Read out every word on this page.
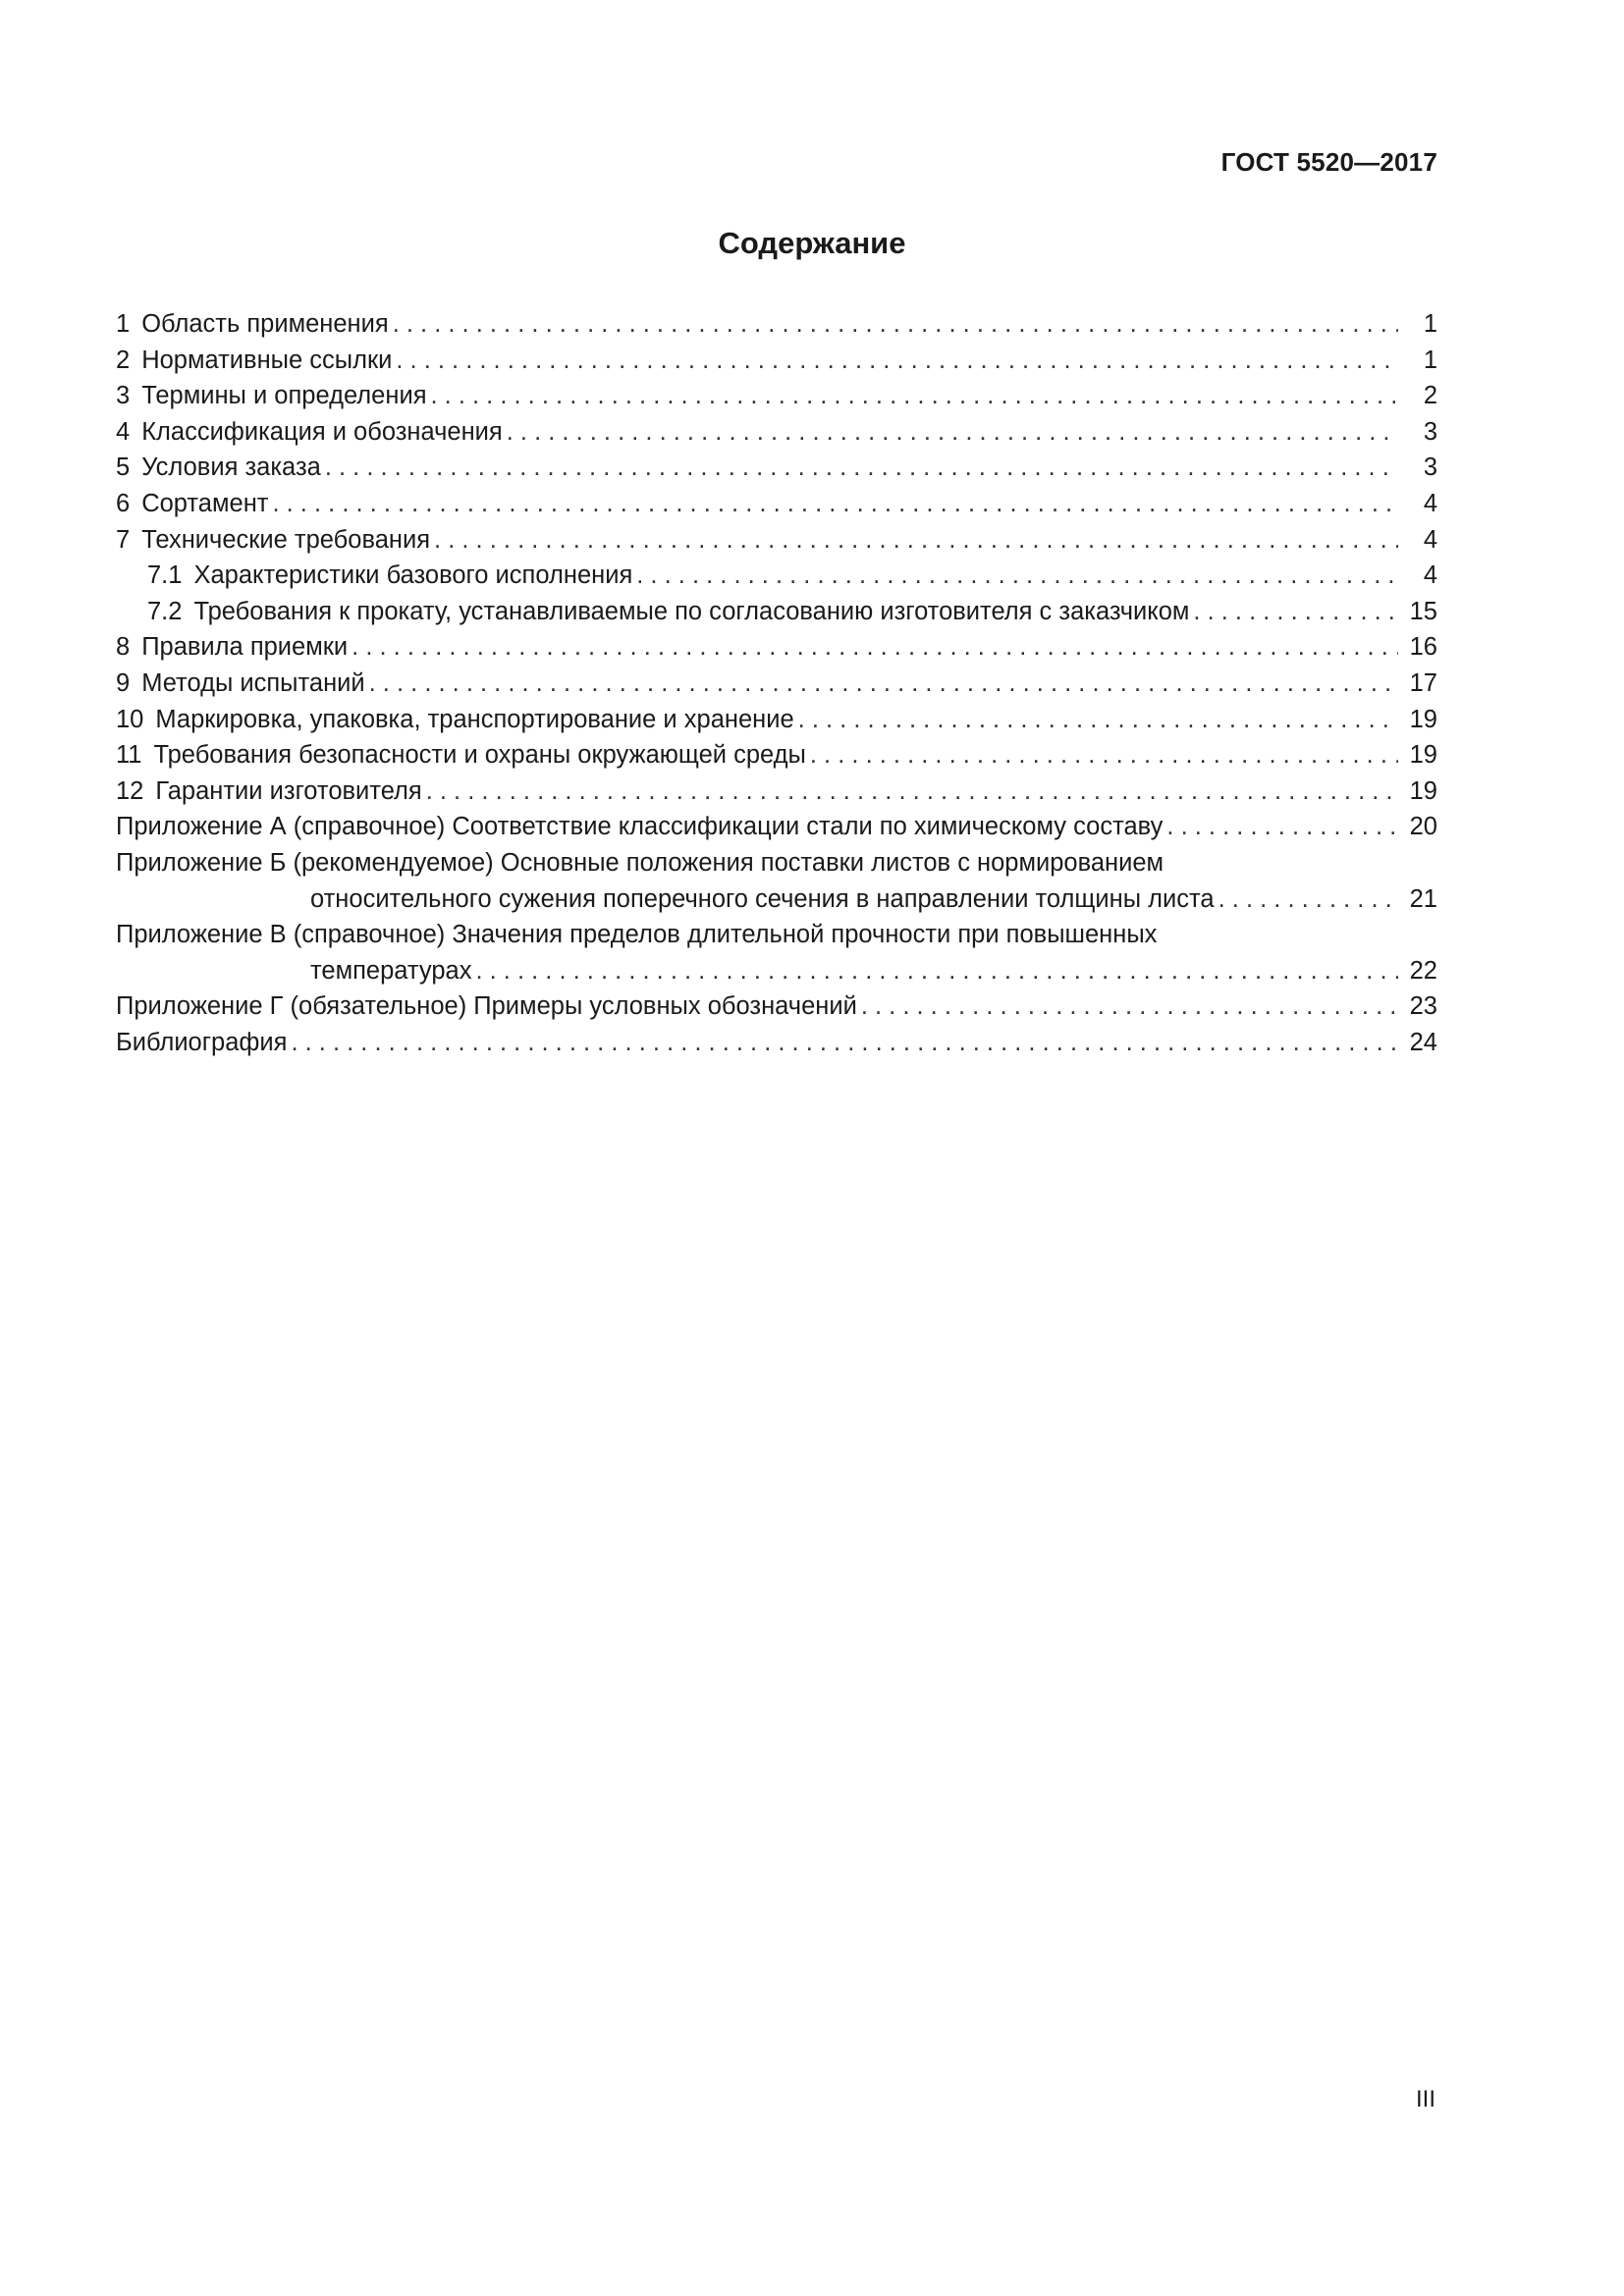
ГОСТ 5520—2017
Содержание
1 Область применения . . .	1
2 Нормативные ссылки . . .	1
3 Термины и определения . . .	2
4 Классификация и обозначения . . .	3
5 Условия заказа . . .	3
6 Сортамент . . .	4
7 Технические требования . . .	4
7.1 Характеристики базового исполнения . . .	4
7.2 Требования к прокату, устанавливаемые по согласованию изготовителя с заказчиком . . .	15
8 Правила приемки . . .	16
9 Методы испытаний . . .	17
10 Маркировка, упаковка, транспортирование и хранение . . .	19
11 Требования безопасности и охраны окружающей среды . . .	19
12 Гарантии изготовителя . . .	19
Приложение А (справочное) Соответствие классификации стали по химическому составу . . .	20
Приложение Б (рекомендуемое) Основные положения поставки листов с нормированием
относительного сужения поперечного сечения в направлении толщины листа . . .	21
Приложение В (справочное) Значения пределов длительной прочности при повышенных
температурах . . .	22
Приложение Г (обязательное) Примеры условных обозначений . . .	23
Библиография . . .	24
III
